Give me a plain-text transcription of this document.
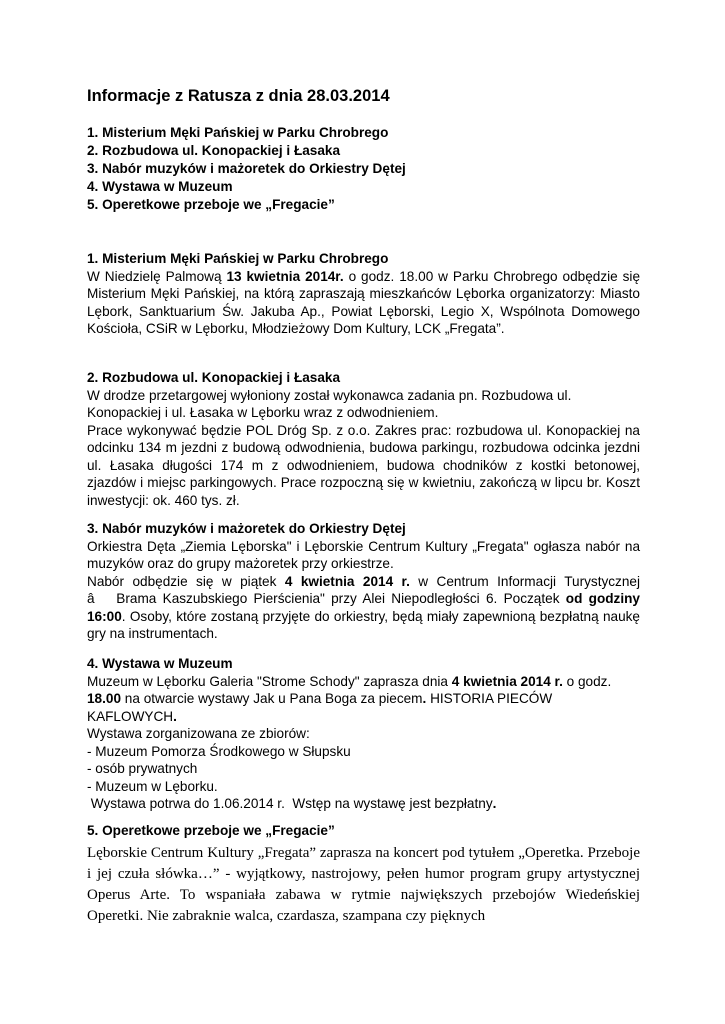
Informacje z Ratusza z dnia 28.03.2014
1. Misterium Męki Pańskiej w Parku Chrobrego
2. Rozbudowa ul. Konopackiej i Łasaka
3. Nabór muzyków i mażoretek do Orkiestry Dętej
4. Wystawa w Muzeum
5. Operetkowe przeboje we „Fregacie”
1. Misterium Męki Pańskiej w Parku Chrobrego

W Niedzielę Palmową 13 kwietnia 2014r. o godz. 18.00 w Parku Chrobrego odbędzie się Misterium Męki Pańskiej, na którą zapraszają mieszkańców Lęborka organizatorzy: Miasto Lębork, Sanktuarium Św. Jakuba Ap., Powiat Lęborski, Legio X, Wspólnota Domowego Kościoła, CSiR w Lęborku, Młodzieżowy Dom Kultury, LCK „Fregata”.

2. Rozbudowa ul. Konopackiej i Łasaka

W drodze przetargowej wyłoniony został wykonawca zadania pn. Rozbudowa ul. Konopackiej i ul. Łasaka w Lęborku wraz z odwodnieniem.

Prace wykonywać będzie POL Dróg Sp. z o.o. Zakres prac: rozbudowa ul. Konopackiej na odcinku 134 m jezdni z budową odwodnienia, budowa parkingu, rozbudowa odcinka jezdni ul. Łasaka długości 174 m z odwodnieniem, budowa chodników z kostki betonowej, zjazdów i miejsc parkingowych. Prace rozpoczną się w kwietniu, zakończą w lipcu br. Koszt inwestycji: ok. 460 tys. zł.

3. Nabór muzyków i mażoretek do Orkiestry Dętej

Orkiestra Dęta „Ziemia Lęborska" i Lęborskie Centrum Kultury „Fregata" ogłasza nabór na muzyków oraz do grupy mażoretek przy orkiestrze.

Nabór odbędzie się w piątek 4 kwietnia 2014 r. w Centrum Informacji Turystycznej âBrama Kaszubskiego Pierścienia" przy Alei Niepodległości 6. Początek od godziny 16:00. Osoby, które zostaną przyjęte do orkiestry, będą miały zapewnioną bezpłatną naukę gry na instrumentach.

4. Wystawa w Muzeum

Muzeum w Lęborku Galeria "Strome Schody" zaprasza dnia 4 kwietnia 2014 r. o godz. 18.00 na otwarcie wystawy Jak u Pana Boga za piecem. HISTORIA PIECÓW KAFLOWYCH.

Wystawa zorganizowana ze zbiorów:
- Muzeum Pomorza Środkowego w Słupsku
- osób prywatnych
- Muzeum w Lęborku.
Wystawa potrwa do 1.06.2014 r.  Wstęp na wystawę jest bezpłatny.
5. Operetkowe przeboje we „Fregacie”

Lęborskie Centrum Kultury „Fregata” zaprasza na koncert pod tytułem „Operetka. Przeboje i jej czuła słówka…” - wyjątkowy, nastrojowy, pełen humor program grupy artystycznej Operus Arte. To wspaniała zabawa w rytmie największych przebojów Wiedeńskiej Operetki. Nie zabraknie walca, czardasza, szampana czy pięknych
